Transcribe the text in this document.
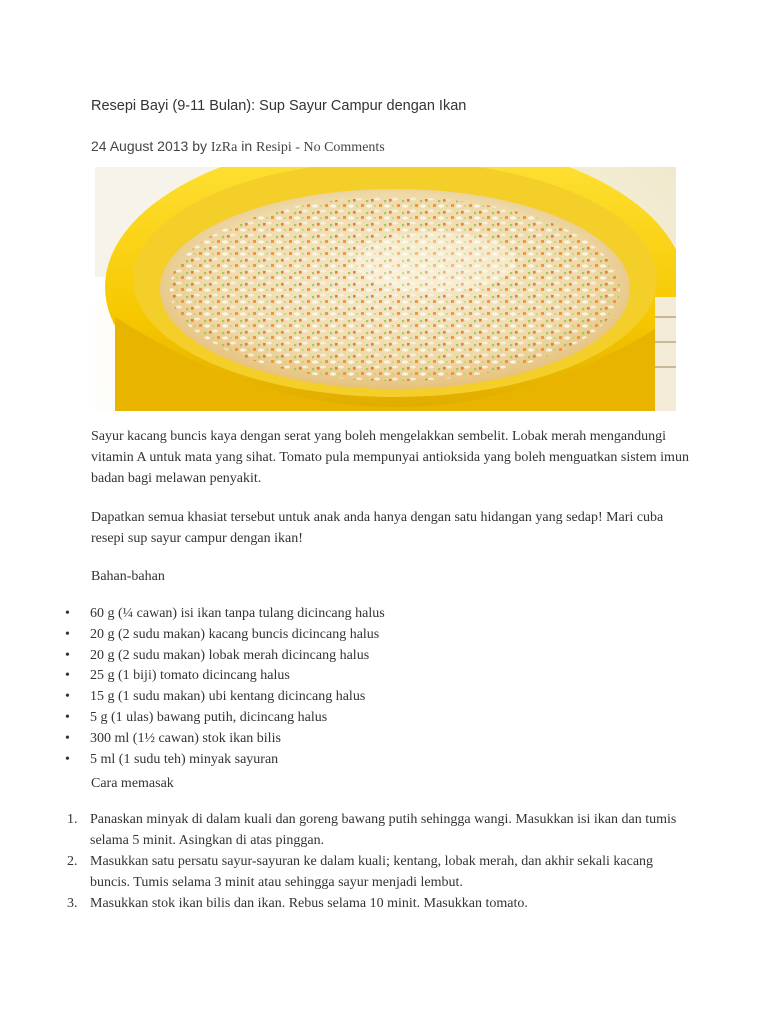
Resepi Bayi (9-11 Bulan): Sup Sayur Campur dengan Ikan
24 August 2013 by IzRa in Resipi - No Comments

Sayur kacang buncis kaya dengan serat yang boleh mengelakkan sembelit. Lobak merah mengandungi vitamin A untuk mata yang sihat. Tomato pula mempunyai antioksida yang boleh menguatkan sistem imun badan bagi melawan penyakit.

Dapatkan semua khasiat tersebut untuk anak anda hanya dengan satu hidangan yang sedap! Mari cuba resepi sup sayur campur dengan ikan!

Bahan-bahan

• 60 g (¼ cawan) isi ikan tanpa tulang dicincang halus
• 20 g (2 sudu makan) kacang buncis dicincang halus
• 20 g (2 sudu makan) lobak merah dicincang halus
• 25 g (1 biji) tomato dicincang halus
• 15 g (1 sudu makan) ubi kentang dicincang halus
• 5 g (1 ulas) bawang putih, dicincang halus
• 300 ml (1½ cawan) stok ikan bilis
• 5 ml (1 sudu teh) minyak sayuran

Cara memasak

1. Panaskan minyak di dalam kuali dan goreng bawang putih sehingga wangi. Masukkan isi ikan dan tumis selama 5 minit. Asingkan di atas pinggan.
2. Masukkan satu persatu sayur-sayuran ke dalam kuali; kentang, lobak merah, dan akhir sekali kacang buncis. Tumis selama 3 minit atau sehingga sayur menjadi lembut.
3. Masukkan stok ikan bilis dan ikan. Rebus selama 10 minit. Masukkan tomato.
